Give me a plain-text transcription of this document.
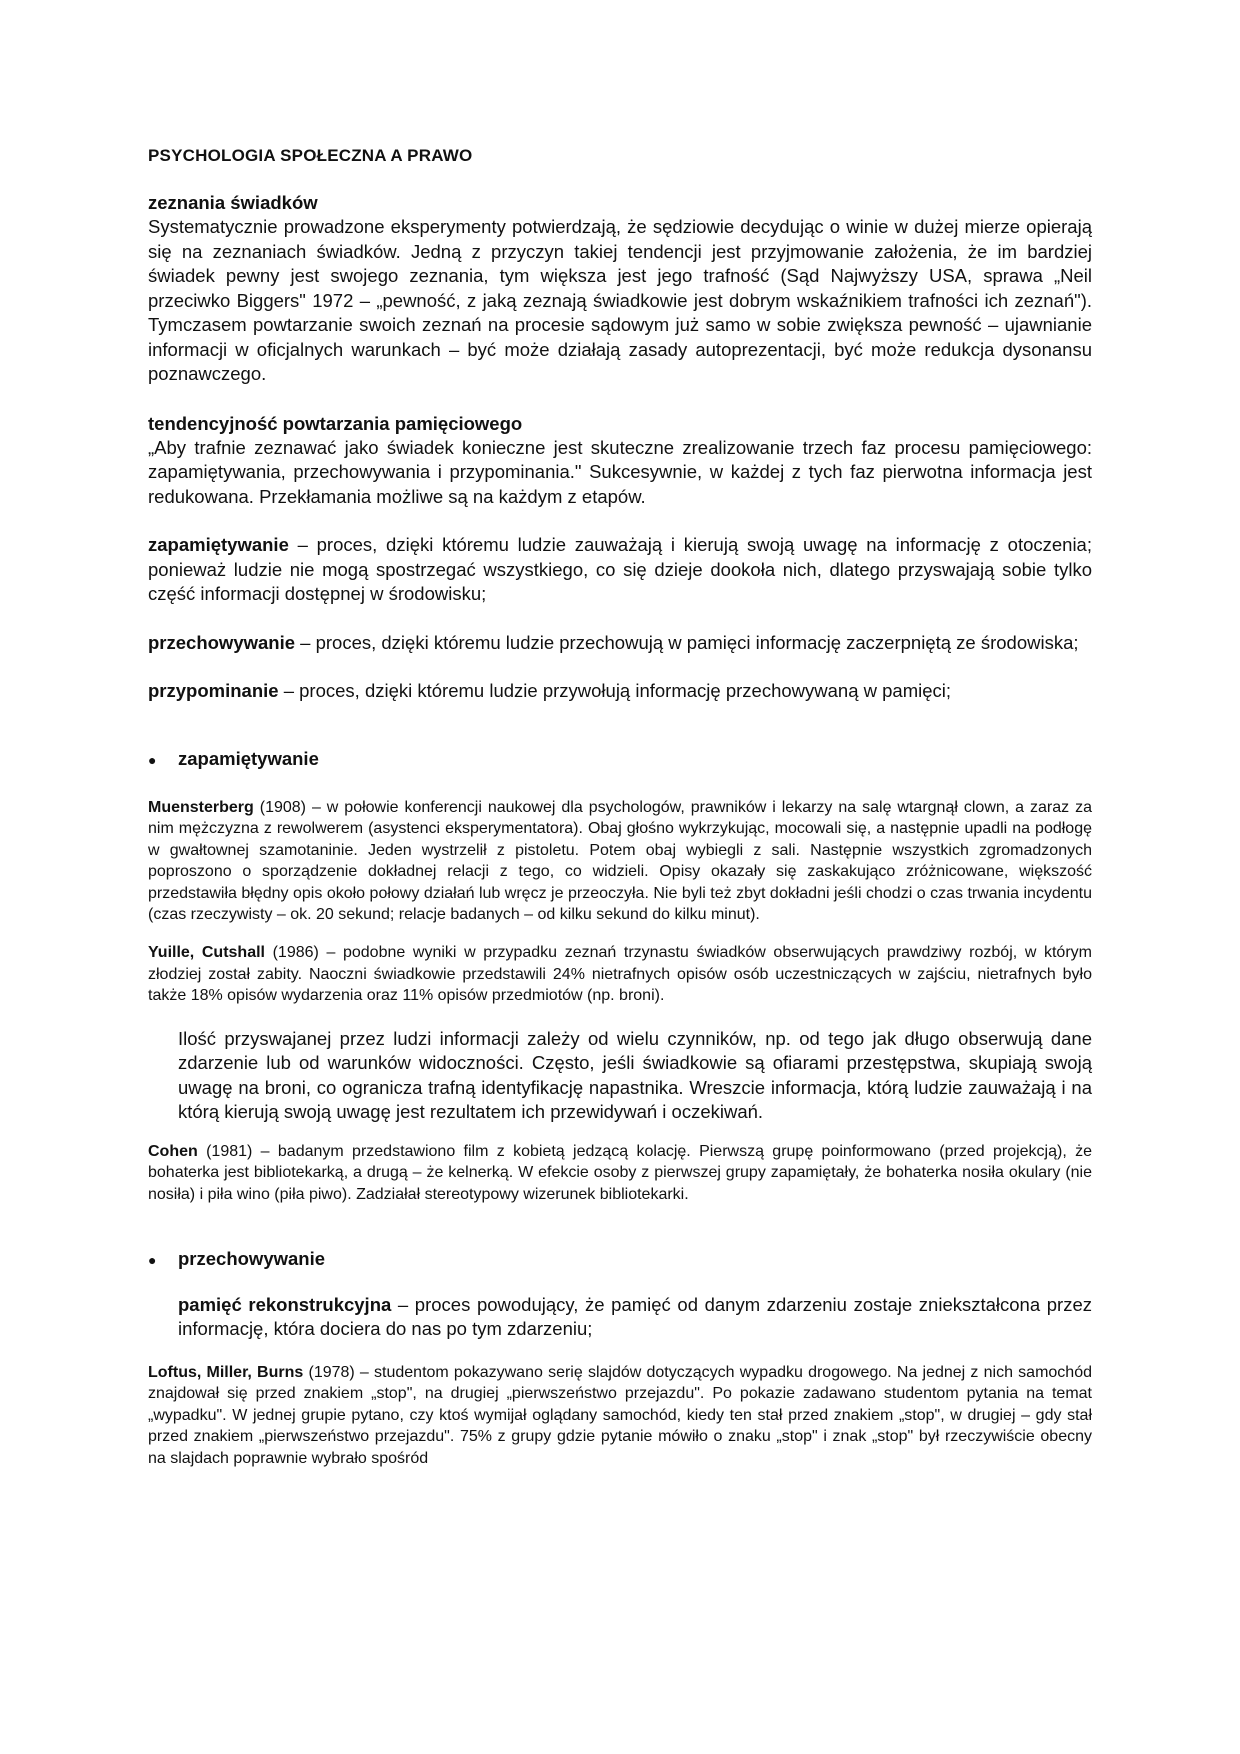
PSYCHOLOGIA SPOŁECZNA A PRAWO

zeznania świadków

Systematycznie prowadzone eksperymenty potwierdzają, że sędziowie decydując o winie w dużej mierze opierają się na zeznaniach świadków. Jedną z przyczyn takiej tendencji jest przyjmowanie założenia, że im bardziej świadek pewny jest swojego zeznania, tym większa jest jego trafność (Sąd Najwyższy USA, sprawa „Neil przeciwko Biggers" 1972 – „pewność, z jaką zeznają świadkowie jest dobrym wskaźnikiem trafności ich zeznań"). Tymczasem powtarzanie swoich zeznań na procesie sądowym już samo w sobie zwiększa pewność – ujawnianie informacji w oficjalnych warunkach – być może działają zasady autoprezentacji, być może redukcja dysonansu poznawczego.

tendencyjność powtarzania pamięciowego

„Aby trafnie zeznawać jako świadek konieczne jest skuteczne zrealizowanie trzech faz procesu pamięciowego: zapamiętywania, przechowywania i przypominania." Sukcesywnie, w każdej z tych faz pierwotna informacja jest redukowana. Przekłamania możliwe są na każdym z etapów.

zapamiętywanie – proces, dzięki któremu ludzie zauważają i kierują swoją uwagę na informację z otoczenia; ponieważ ludzie nie mogą spostrzegać wszystkiego, co się dzieje dookoła nich, dlatego przyswajają sobie tylko część informacji dostępnej w środowisku;

przechowywanie – proces, dzięki któremu ludzie przechowują w pamięci informację zaczerpniętą ze środowiska;

przypominanie – proces, dzięki któremu ludzie przywołują informację przechowywaną w pamięci;

●	zapamiętywanie

Muensterberg (1908) – w połowie konferencji naukowej dla psychologów, prawników i lekarzy na salę wtargnął clown, a zaraz za nim mężczyzna z rewolwerem (asystenci eksperymentatora). Obaj głośno wykrzykując, mocowali się, a następnie upadli na podłogę w gwałtownej szamotaninie. Jeden wystrzelił z pistoletu. Potem obaj wybiegli z sali. Następnie wszystkich zgromadzonych poproszono o sporządzenie dokładnej relacji z tego, co widzieli. Opisy okazały się zaskakująco zróżnicowane, większość przedstawiła błędny opis około połowy działań lub wręcz je przeoczyła. Nie byli też zbyt dokładni jeśli chodzi o czas trwania incydentu (czas rzeczywisty – ok. 20 sekund; relacje badanych – od kilku sekund do kilku minut).

Yuille, Cutshall (1986) – podobne wyniki w przypadku zeznań trzynastu świadków obserwujących prawdziwy rozbój, w którym złodziej został zabity. Naoczni świadkowie przedstawili 24% nietrafnych opisów osób uczestniczących w zajściu, nietrafnych było także 18% opisów wydarzenia oraz 11% opisów przedmiotów (np. broni).

Ilość przyswajanej przez ludzi informacji zależy od wielu czynników, np. od tego jak długo obserwują dane zdarzenie lub od warunków widoczności. Często, jeśli świadkowie są ofiarami przestępstwa, skupiają swoją uwagę na broni, co ogranicza trafną identyfikację napastnika. Wreszcie informacja, którą ludzie zauważają i na którą kierują swoją uwagę jest rezultatem ich przewidywań i oczekiwań.

Cohen (1981) – badanym przedstawiono film z kobietą jedzącą kolację. Pierwszą grupę poinformowano (przed projekcją), że bohaterka jest bibliotekarką, a drugą – że kelnerką. W efekcie osoby z pierwszej grupy zapamiętały, że bohaterka nosiła okulary (nie nosiła) i piła wino (piła piwo). Zadziałał stereotypowy wizerunek bibliotekarki.

●	przechowywanie

pamięć rekonstrukcyjna – proces powodujący, że pamięć od danym zdarzeniu zostaje zniekształcona przez informację, która dociera do nas po tym zdarzeniu;

Loftus, Miller, Burns (1978) – studentom pokazywano serię slajdów dotyczących wypadku drogowego. Na jednej z nich samochód znajdował się przed znakiem „stop", na drugiej „pierwszeństwo przejazdu". Po pokazie zadawano studentom pytania na temat „wypadku". W jednej grupie pytano, czy ktoś wymijał oglądany samochód, kiedy ten stał przed znakiem „stop", w drugiej – gdy stał przed znakiem „pierwszeństwo przejazdu". 75% z grupy gdzie pytanie mówiło o znaku „stop" i znak „stop" był rzeczywiście obecny na slajdach poprawnie wybrało spośród
